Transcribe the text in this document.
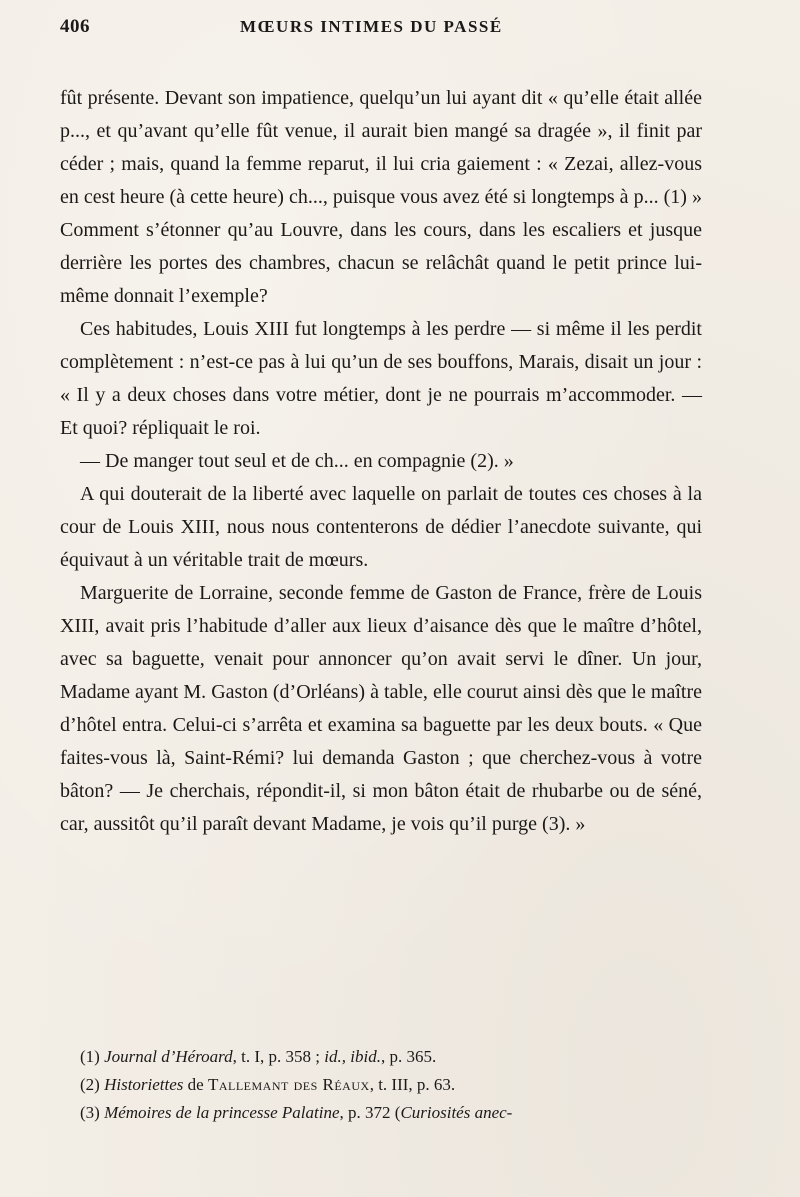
406	MŒURS INTIMES DU PASSÉ

fût présente. Devant son impatience, quelqu’un lui ayant dit « qu’elle était allée p..., et qu’avant qu’elle fût venue, il aurait bien mangé sa dragée », il finit par céder ; mais, quand la femme reparut, il lui cria gaiement : « Zezai, allez-vous en cest heure (à cette heure) ch..., puisque vous avez été si longtemps à p... (1) » Comment s’étonner qu’au Louvre, dans les cours, dans les escaliers et jusque derrière les portes des chambres, chacun se relâchât quand le petit prince lui-même donnait l’exemple?

Ces habitudes, Louis XIII fut longtemps à les perdre — si même il les perdit complètement : n’est-ce pas à lui qu’un de ses bouffons, Marais, disait un jour : « Il y a deux choses dans votre métier, dont je ne pourrais m’accommoder. — Et quoi? répliquait le roi.

— De manger tout seul et de ch... en compagnie (2). »

A qui douterait de la liberté avec laquelle on parlait de toutes ces choses à la cour de Louis XIII, nous nous contenterons de dédier l’anecdote suivante, qui équivaut à un véritable trait de mœurs.

Marguerite de Lorraine, seconde femme de Gaston de France, frère de Louis XIII, avait pris l’habitude d’aller aux lieux d’aisance dès que le maître d’hôtel, avec sa baguette, venait pour annoncer qu’on avait servi le dîner. Un jour, Madame ayant M. Gaston (d’Orléans) à table, elle courut ainsi dès que le maître d’hôtel entra. Celui-ci s’arrêta et examina sa baguette par les deux bouts. « Que faites-vous là, Saint-Rémi? lui demanda Gaston ; que cherchez-vous à votre bâton? — Je cherchais, répondit-il, si mon bâton était de rhubarbe ou de séné, car, aussitôt qu’il paraît devant Madame, je vois qu’il purge (3). »

(1) Journal d’Héroard, t. I, p. 358 ; id., ibid., p. 365.
(2) Historiettes de Tallemant des Réaux, t. III, p. 63.
(3) Mémoires de la princesse Palatine, p. 372 (Curiosités anec-
